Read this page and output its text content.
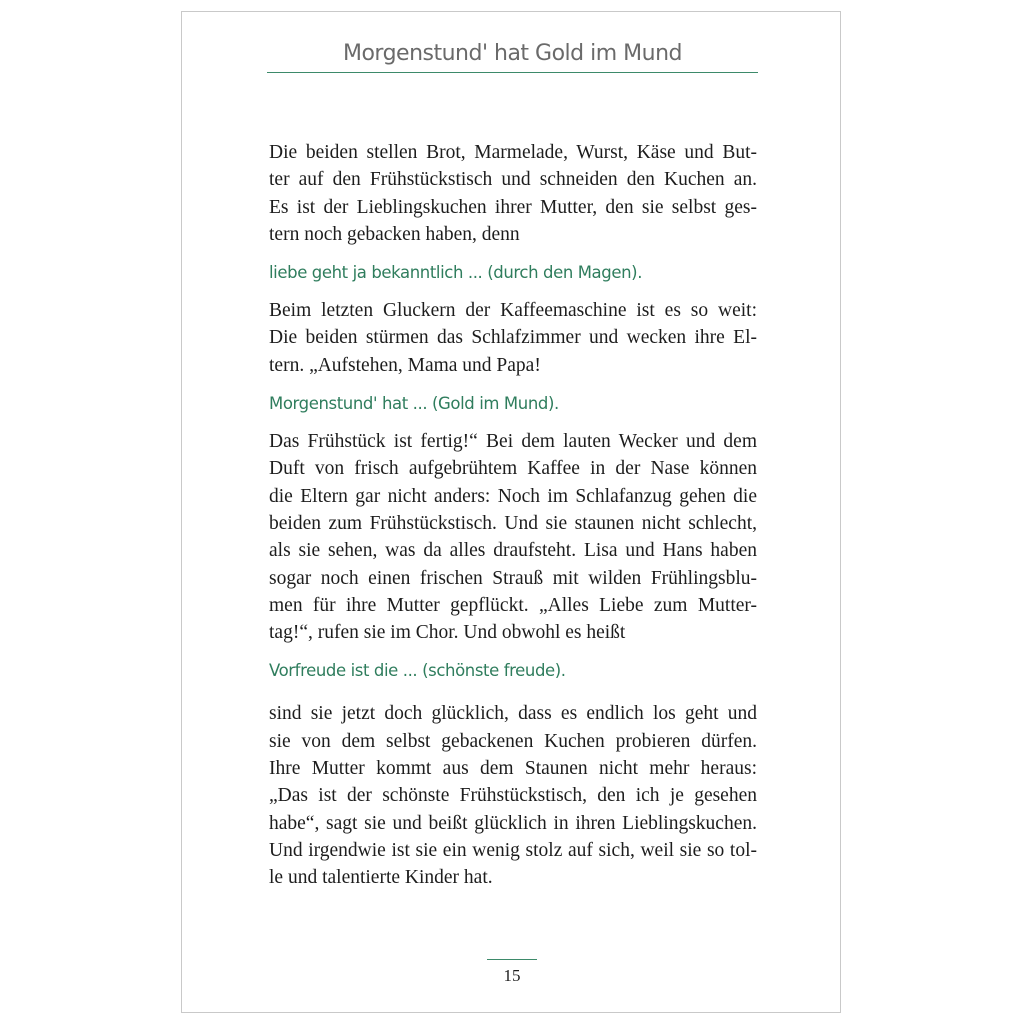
Morgenstund' hat Gold im Mund

Die beiden stellen Brot, Marmelade, Wurst, Käse und But-
ter auf den Frühstückstisch und schneiden den Kuchen an.
Es ist der Lieblingskuchen ihrer Mutter, den sie selbst ges-
tern noch gebacken haben, denn

liebe geht ja bekanntlich ... (durch den Magen).

Beim letzten Gluckern der Kaffeemaschine ist es so weit:
Die beiden stürmen das Schlafzimmer und wecken ihre El-
tern. „Aufstehen, Mama und Papa!

Morgenstund' hat ... (Gold im Mund).

Das Frühstück ist fertig!“ Bei dem lauten Wecker und dem
Duft von frisch aufgebrühtem Kaffee in der Nase können
die Eltern gar nicht anders: Noch im Schlafanzug gehen die
beiden zum Frühstückstisch. Und sie staunen nicht schlecht,
als sie sehen, was da alles draufsteht. Lisa und Hans haben
sogar noch einen frischen Strauß mit wilden Frühlingsblu-
men für ihre Mutter gepflückt. „Alles Liebe zum Mutter-
tag!“, rufen sie im Chor. Und obwohl es heißt

Vorfreude ist die ... (schönste freude).

sind sie jetzt doch glücklich, dass es endlich los geht und
sie von dem selbst gebackenen Kuchen probieren dürfen.
Ihre Mutter kommt aus dem Staunen nicht mehr heraus:
„Das ist der schönste Frühstückstisch, den ich je gesehen
habe“, sagt sie und beißt glücklich in ihren Lieblingskuchen.
Und irgendwie ist sie ein wenig stolz auf sich, weil sie so tol-
le und talentierte Kinder hat.

15
